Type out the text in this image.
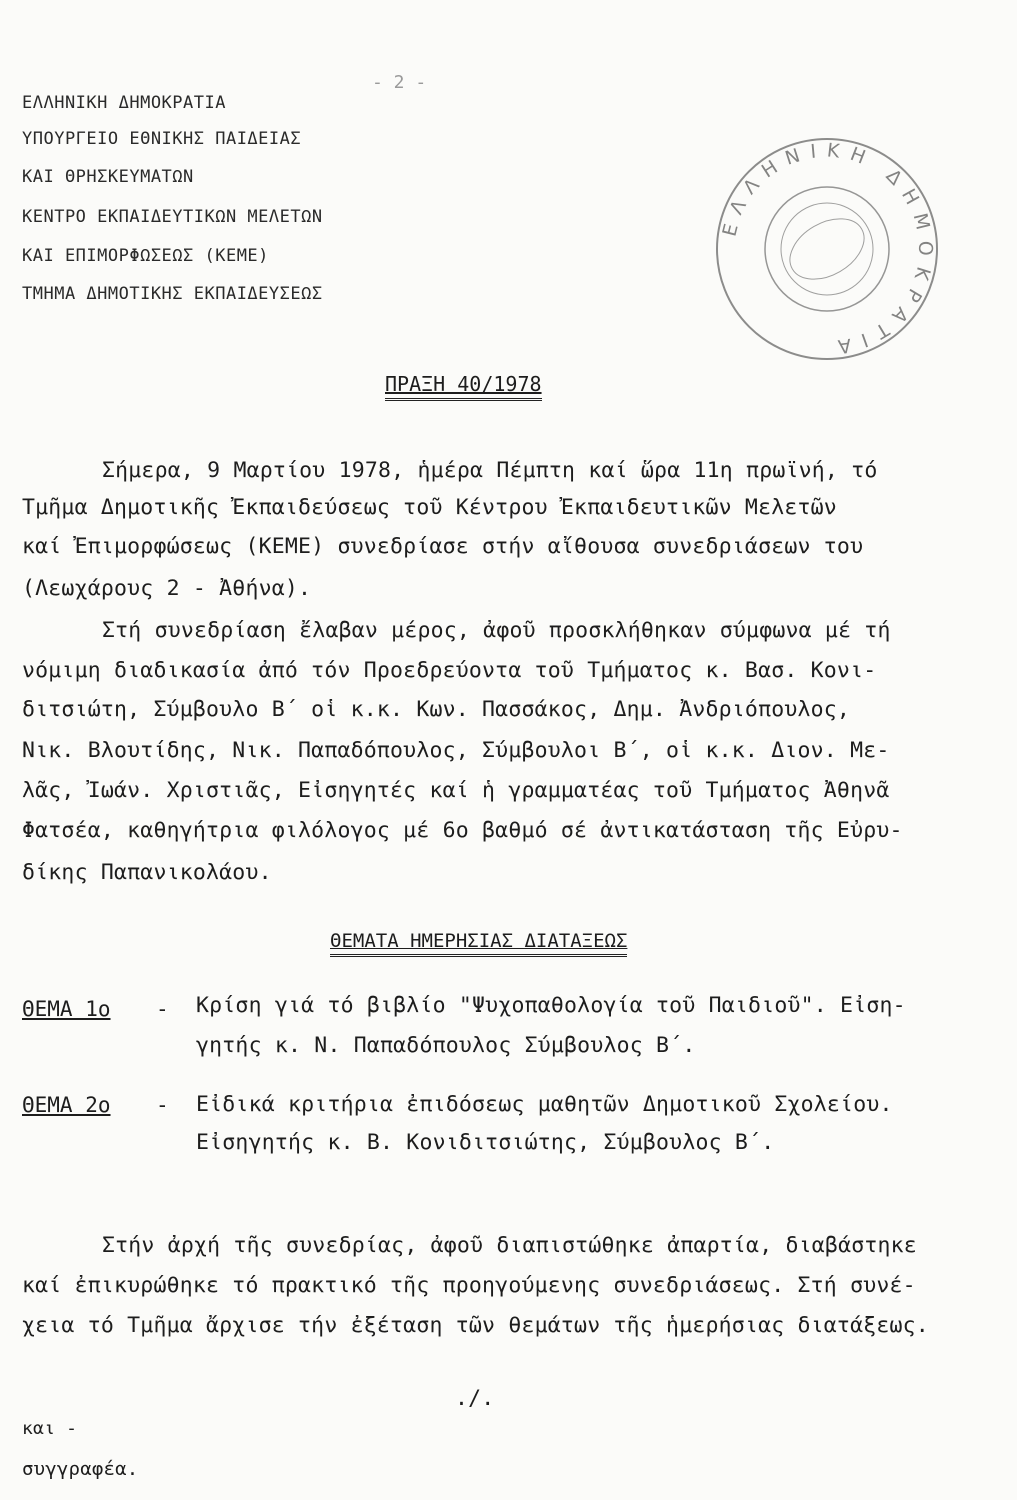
- 2 -
ΕΛΛΗΝΙΚΗ ΔΗΜΟΚΡΑΤΙΑ
ΥΠΟΥΡΓΕΙΟ ΕΘΝΙΚΗΣ ΠΑΙΔΕΙΑΣ
ΚΑΙ ΘΡΗΣΚΕΥΜΑΤΩΝ
ΚΕΝΤΡΟ ΕΚΠΑΙΔΕΥΤΙΚΩΝ ΜΕΛΕΤΩΝ
ΚΑΙ ΕΠΙΜΟΡΦΩΣΕΩΣ (ΚΕΜΕ)
ΤΜΗΜΑ ΔΗΜΟΤΙΚΗΣ ΕΚΠΑΙΔΕΥΣΕΩΣ
ΕΛΛΗΝΙΚΗ ΔΗΜΟΚΡΑΤΙΑ
ΠΡΑΞΗ 40/1978
Σήμερα, 9 Μαρτίου 1978, ἡμέρα Πέμπτη καί ὥρα 11η πρωϊνή, τό
Τμῆμα Δημοτικῆς Ἐκπαιδεύσεως τοῦ Κέντρου Ἐκπαιδευτικῶν Μελετῶν
καί Ἐπιμορφώσεως (ΚΕΜΕ) συνεδρίασε στήν αἴθουσα συνεδριάσεων του
(Λεωχάρους 2 - Ἀθήνα).
Στή συνεδρίαση ἔλαβαν μέρος, ἀφοῦ προσκλήθηκαν σύμφωνα μέ τή
νόμιμη διαδικασία ἀπό τόν Προεδρεύοντα τοῦ Τμήματος κ. Βασ. Κονι-
διτσιώτη, Σύμβουλο Β΄ οἱ κ.κ. Κων. Πασσάκος, Δημ. Ἀνδριόπουλος,
Νικ. Βλουτίδης, Νικ. Παπαδόπουλος, Σύμβουλοι Β΄, οἱ κ.κ. Διον. Με-
λᾶς, Ἰωάν. Χριστιᾶς, Εἰσηγητές καί ἡ γραμματέας τοῦ Τμήματος Ἀθηνᾶ
Φατσέα, καθηγήτρια φιλόλογος μέ 6ο βαθμό σέ ἀντικατάσταση τῆς Εὐρυ-
δίκης Παπανικολάου.
ΘΕΜΑΤΑ ΗΜΕΡΗΣΙΑΣ ΔΙΑΤΑΞΕΩΣ
ΘΕΜΑ 1ο - Κρίση γιά τό βιβλίο "Ψυχοπαθολογία τοῦ Παιδιοῦ". Εἰση-
γητής κ. Ν. Παπαδόπουλος Σύμβουλος Β΄.
ΘΕΜΑ 2ο - Εἰδικά κριτήρια ἐπιδόσεως μαθητῶν Δημοτικοῦ Σχολείου.
Εἰσηγητής κ. Β. Κονιδιτσιώτης, Σύμβουλος Β΄.
Στήν ἀρχή τῆς συνεδρίας, ἀφοῦ διαπιστώθηκε ἀπαρτία, διαβάστηκε
καί ἐπικυρώθηκε τό πρακτικό τῆς προηγούμενης συνεδριάσεως. Στή συνέ-
χεια τό Τμῆμα ἄρχισε τήν ἐξέταση τῶν θεμάτων τῆς ἡμερήσιας διατάξεως.
./.
και -
συγγραφέα.
